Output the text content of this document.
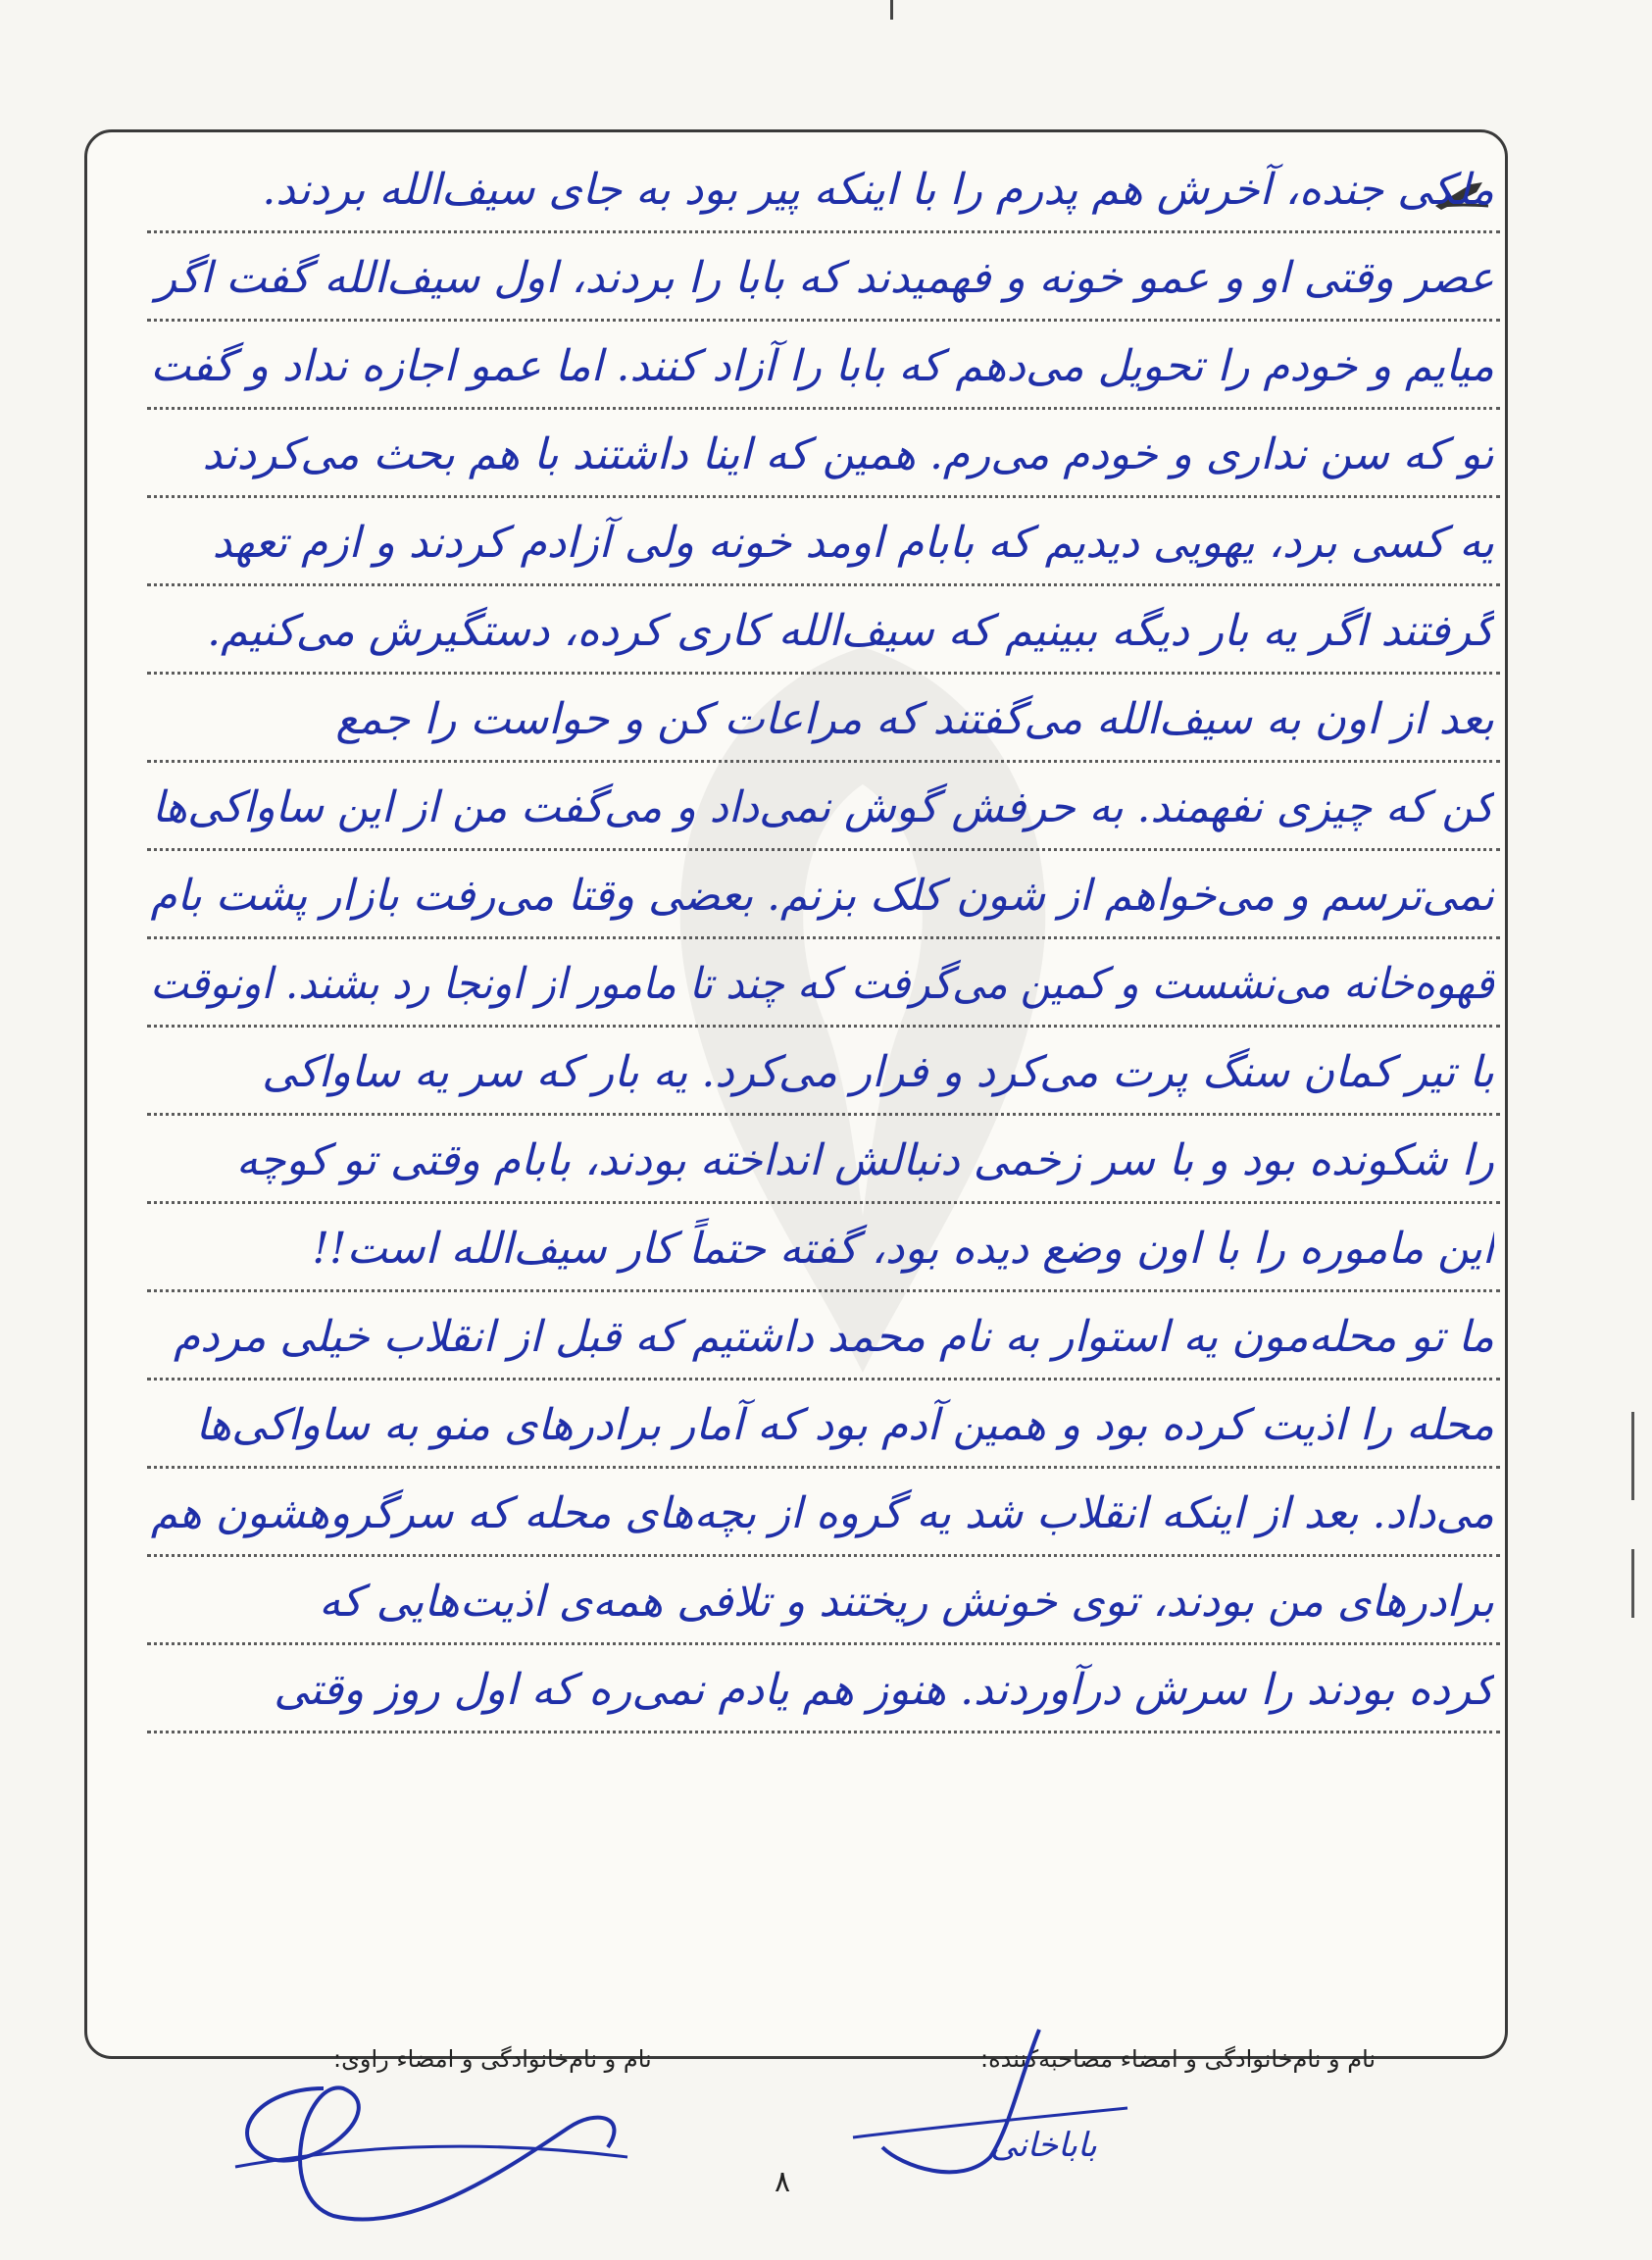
ملکی جنده، آخرش هم پدرم را با اینکه پیر بود به جای سیف‌الله بردند.
عصر وقتی او و عمو خونه و فهمیدند که بابا را بردند، اول سیف‌الله گفت اگر
میایم و خودم را تحویل می‌دهم که بابا را آزاد کنند. اما عمو اجازه نداد و گفت
تو که سن نداری و خودم می‌رم. همین که اینا داشتند با هم بحث می‌کردند
یه کسی برد، یهویی دیدیم که بابام اومد خونه ولی آزادم کردند و ازم تعهد
گرفتند اگر یه بار دیگه ببینیم که سیف‌الله کاری کرده، دستگیرش می‌کنیم.
بعد از اون به سیف‌الله می‌گفتند که مراعات کن و حواست را جمع
کن که چیزی نفهمند. به حرفش گوش نمی‌داد و می‌گفت من از این ساواکی‌ها
نمی‌ترسم و می‌خواهم از شون کلک بزنم. بعضی وقتا می‌رفت بازار پشت بام
قهوه‌خانه می‌نشست و کمین می‌گرفت که چند تا مامور از اونجا رد بشند. اونوقت
با تیر کمان سنگ پرت می‌کرد و فرار می‌کرد. یه بار که سر یه ساواکی
را شکونده بود و با سر زخمی دنبالش انداخته بودند، بابام وقتی تو کوچه
این ماموره را با اون وضع دیده بود، گفته حتماً کار سیف‌الله است!!
ما تو محله‌مون یه استوار به نام محمد داشتیم که قبل از انقلاب خیلی مردم
محله را اذیت کرده بود و همین آدم بود که آمار برادرهای منو به ساواکی‌ها
می‌داد. بعد از اینکه انقلاب شد یه گروه از بچه‌های محله که سرگروهشون هم
برادرهای من بودند، توی خونش ریختند و تلافی همه‌ی اذیت‌هایی که
کرده بودند را سرش درآوردند. هنوز هم یادم نمی‌ره که اول روز وقتی
نام و نام‌خانوادگی و امضاء مصاحبه‌کننده:
نام و نام‌خانوادگی و امضاء راوی:
باباخانی
۸
